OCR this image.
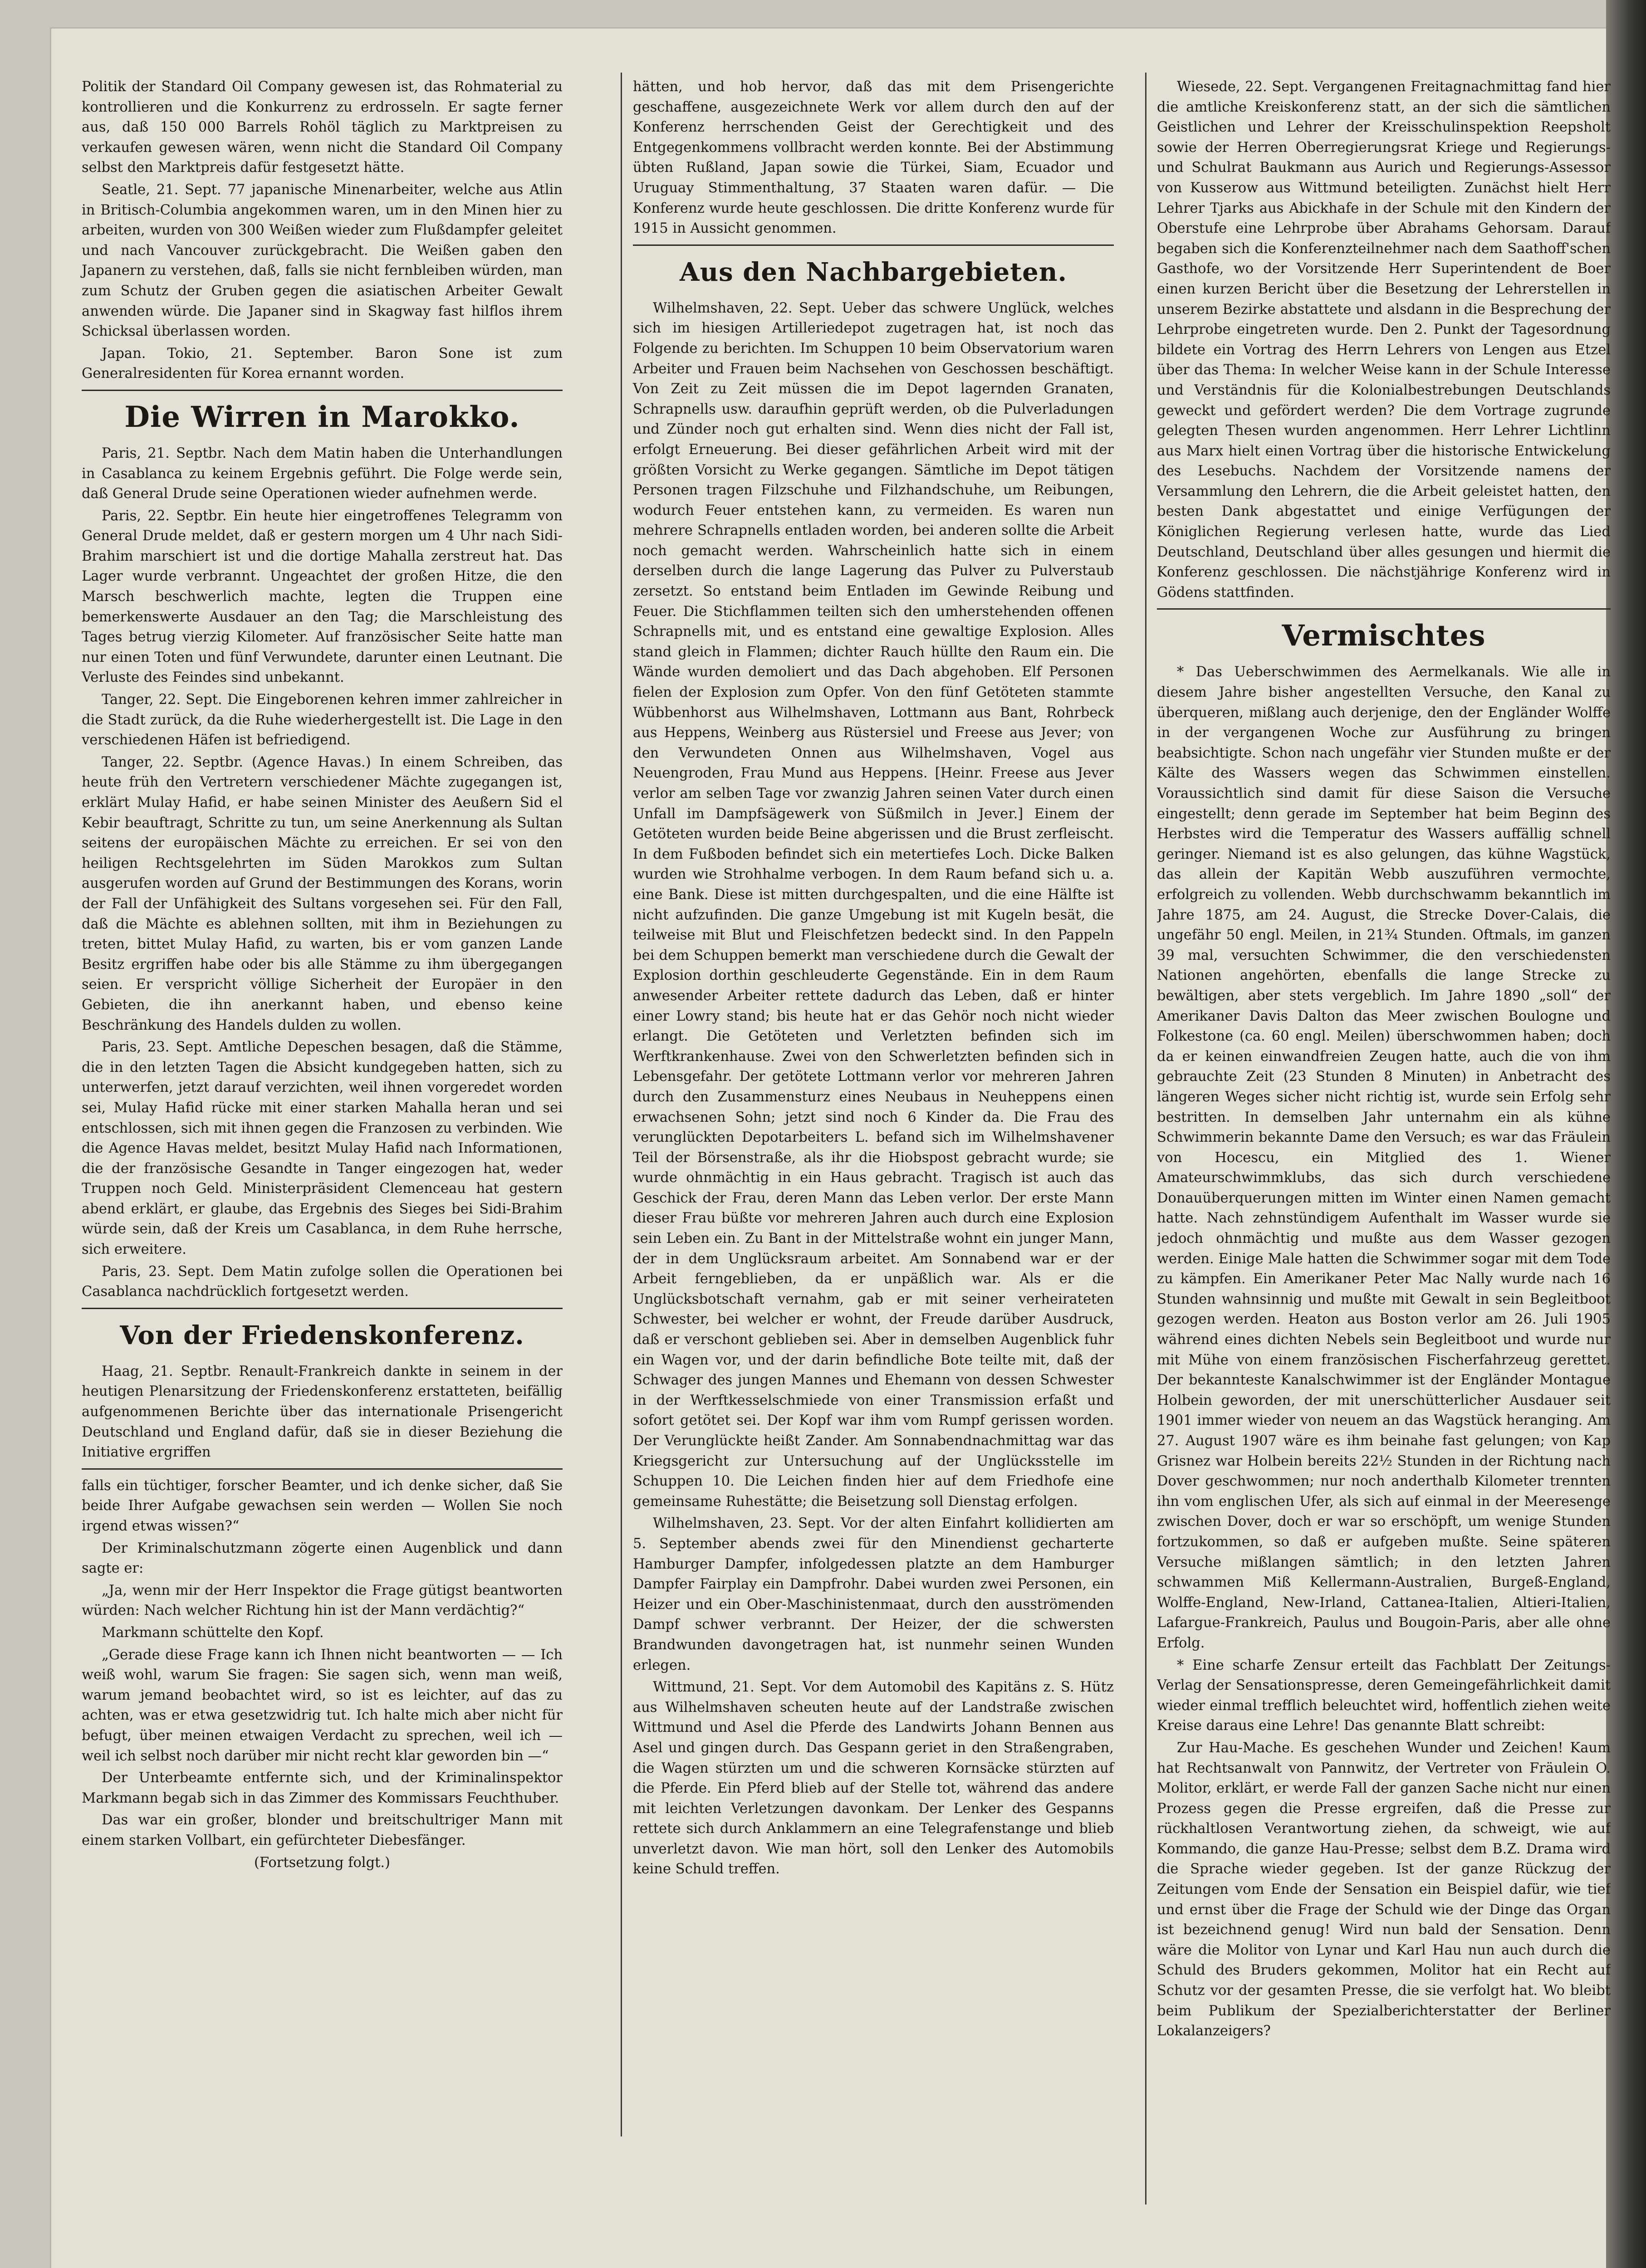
Politik der Standard Oil Company gewesen ist, das Rohmaterial zu kontrollieren und die Konkurrenz zu erdrosseln. Er sagte ferner aus, daß 150 000 Barrels Rohöl täglich zu Marktpreisen zu verkaufen gewesen wären, wenn nicht die Standard Oil Company selbst den Marktpreis dafür festgesetzt hätte.

Seatle, 21. Sept. 77 japanische Minenarbeiter, welche aus Atlin in Britisch-Columbia angekommen waren, um in den Minen hier zu arbeiten, wurden von 300 Weißen wieder zum Flußdampfer geleitet und nach Vancouver zurückgebracht. Die Weißen gaben den Japanern zu verstehen, daß, falls sie nicht fernbleiben würden, man zum Schutz der Gruben gegen die asiatischen Arbeiter Gewalt anwenden würde. Die Japaner sind in Skagway fast hilflos ihrem Schicksal überlassen worden.

Japan. Tokio, 21. September. Baron Sone ist zum Generalresidenten für Korea ernannt worden.

Die Wirren in Marokko.

Paris, 21. Septbr. Nach dem Matin haben die Unterhandlungen in Casablanca zu keinem Ergebnis geführt. Die Folge werde sein, daß General Drude seine Operationen wieder aufnehmen werde.

Paris, 22. Septbr. Ein heute hier eingetroffenes Telegramm von General Drude meldet, daß er gestern morgen um 4 Uhr nach Sidi-Brahim marschiert ist und die dortige Mahalla zerstreut hat. Das Lager wurde verbrannt. Ungeachtet der großen Hitze, die den Marsch beschwerlich machte, legten die Truppen eine bemerkenswerte Ausdauer an den Tag; die Marschleistung des Tages betrug vierzig Kilometer. Auf französischer Seite hatte man nur einen Toten und fünf Verwundete, darunter einen Leutnant. Die Verluste des Feindes sind unbekannt.

Tanger, 22. Sept. Die Eingeborenen kehren immer zahlreicher in die Stadt zurück, da die Ruhe wiederhergestellt ist. Die Lage in den verschiedenen Häfen ist befriedigend.

Tanger, 22. Septbr. (Agence Havas.) In einem Schreiben, das heute früh den Vertretern verschiedener Mächte zugegangen ist, erklärt Mulay Hafid, er habe seinen Minister des Aeußern Sid el Kebir beauftragt, Schritte zu tun, um seine Anerkennung als Sultan seitens der europäischen Mächte zu erreichen. Er sei von den heiligen Rechtsgelehrten im Süden Marokkos zum Sultan ausgerufen worden auf Grund der Bestimmungen des Korans, worin der Fall der Unfähigkeit des Sultans vorgesehen sei. Für den Fall, daß die Mächte es ablehnen sollten, mit ihm in Beziehungen zu treten, bittet Mulay Hafid, zu warten, bis er vom ganzen Lande Besitz ergriffen habe oder bis alle Stämme zu ihm übergegangen seien. Er verspricht völlige Sicherheit der Europäer in den Gebieten, die ihn anerkannt haben, und ebenso keine Beschränkung des Handels dulden zu wollen.

Paris, 23. Sept. Amtliche Depeschen besagen, daß die Stämme, die in den letzten Tagen die Absicht kundgegeben hatten, sich zu unterwerfen, jetzt darauf verzichten, weil ihnen vorgeredet worden sei, Mulay Hafid rücke mit einer starken Mahalla heran und sei entschlossen, sich mit ihnen gegen die Franzosen zu verbinden. Wie die Agence Havas meldet, besitzt Mulay Hafid nach Informationen, die der französische Gesandte in Tanger eingezogen hat, weder Truppen noch Geld. Ministerpräsident Clemenceau hat gestern abend erklärt, er glaube, das Ergebnis des Sieges bei Sidi-Brahim würde sein, daß der Kreis um Casablanca, in dem Ruhe herrsche, sich erweitere.

Paris, 23. Sept. Dem Matin zufolge sollen die Operationen bei Casablanca nachdrücklich fortgesetzt werden.

Von der Friedenskonferenz.

Haag, 21. Septbr. Renault-Frankreich dankte in seinem in der heutigen Plenarsitzung der Friedenskonferenz erstatteten, beifällig aufgenommenen Berichte über das internationale Prisengericht Deutschland und England dafür, daß sie in dieser Beziehung die Initiative ergriffen

falls ein tüchtiger, forscher Beamter, und ich denke sicher, daß Sie beide Ihrer Aufgabe gewachsen sein werden — Wollen Sie noch irgend etwas wissen?“

Der Kriminalschutzmann zögerte einen Augenblick und dann sagte er:

„Ja, wenn mir der Herr Inspektor die Frage gütigst beantworten würden: Nach welcher Richtung hin ist der Mann verdächtig?“

Markmann schüttelte den Kopf.

„Gerade diese Frage kann ich Ihnen nicht beantworten — — Ich weiß wohl, warum Sie fragen: Sie sagen sich, wenn man weiß, warum jemand beobachtet wird, so ist es leichter, auf das zu achten, was er etwa gesetzwidrig tut. Ich halte mich aber nicht für befugt, über meinen etwaigen Verdacht zu sprechen, weil ich — weil ich selbst noch darüber mir nicht recht klar geworden bin —“

Der Unterbeamte entfernte sich, und der Kriminalinspektor Markmann begab sich in das Zimmer des Kommissars Feuchthuber.

Das war ein großer, blonder und breitschultriger Mann mit einem starken Vollbart, ein gefürchteter Diebesfänger.

(Fortsetzung folgt.)

hätten, und hob hervor, daß das mit dem Prisengerichte geschaffene, ausgezeichnete Werk vor allem durch den auf der Konferenz herrschenden Geist der Gerechtigkeit und des Entgegenkommens vollbracht werden konnte. Bei der Abstimmung übten Rußland, Japan sowie die Türkei, Siam, Ecuador und Uruguay Stimmenthaltung, 37 Staaten waren dafür. — Die Konferenz wurde heute geschlossen. Die dritte Konferenz wurde für 1915 in Aussicht genommen.

Aus den Nachbargebieten.

Wilhelmshaven, 22. Sept. Ueber das schwere Unglück, welches sich im hiesigen Artilleriedepot zugetragen hat, ist noch das Folgende zu berichten. Im Schuppen 10 beim Observatorium waren Arbeiter und Frauen beim Nachsehen von Geschossen beschäftigt. Von Zeit zu Zeit müssen die im Depot lagernden Granaten, Schrapnells usw. daraufhin geprüft werden, ob die Pulverladungen und Zünder noch gut erhalten sind. Wenn dies nicht der Fall ist, erfolgt Erneuerung. Bei dieser gefährlichen Arbeit wird mit der größten Vorsicht zu Werke gegangen. Sämtliche im Depot tätigen Personen tragen Filzschuhe und Filzhandschuhe, um Reibungen, wodurch Feuer entstehen kann, zu vermeiden. Es waren nun mehrere Schrapnells entladen worden, bei anderen sollte die Arbeit noch gemacht werden. Wahrscheinlich hatte sich in einem derselben durch die lange Lagerung das Pulver zu Pulverstaub zersetzt. So entstand beim Entladen im Gewinde Reibung und Feuer. Die Stichflammen teilten sich den umherstehenden offenen Schrapnells mit, und es entstand eine gewaltige Explosion. Alles stand gleich in Flammen; dichter Rauch hüllte den Raum ein. Die Wände wurden demoliert und das Dach abgehoben. Elf Personen fielen der Explosion zum Opfer. Von den fünf Getöteten stammte Wübbenhorst aus Wilhelmshaven, Lottmann aus Bant, Rohrbeck aus Heppens, Weinberg aus Rüstersiel und Freese aus Jever; von den Verwundeten Onnen aus Wilhelmshaven, Vogel aus Neuengroden, Frau Mund aus Heppens. [Heinr. Freese aus Jever verlor am selben Tage vor zwanzig Jahren seinen Vater durch einen Unfall im Dampfsägewerk von Süßmilch in Jever.] Einem der Getöteten wurden beide Beine abgerissen und die Brust zerfleischt. In dem Fußboden befindet sich ein metertiefes Loch. Dicke Balken wurden wie Strohhalme verbogen. In dem Raum befand sich u. a. eine Bank. Diese ist mitten durchgespalten, und die eine Hälfte ist nicht aufzufinden. Die ganze Umgebung ist mit Kugeln besät, die teilweise mit Blut und Fleischfetzen bedeckt sind. In den Pappeln bei dem Schuppen bemerkt man verschiedene durch die Gewalt der Explosion dorthin geschleuderte Gegenstände. Ein in dem Raum anwesender Arbeiter rettete dadurch das Leben, daß er hinter einer Lowry stand; bis heute hat er das Gehör noch nicht wieder erlangt. Die Getöteten und Verletzten befinden sich im Werftkrankenhause. Zwei von den Schwerletzten befinden sich in Lebensgefahr. Der getötete Lottmann verlor vor mehreren Jahren durch den Zusammensturz eines Neubaus in Neuheppens einen erwachsenen Sohn; jetzt sind noch 6 Kinder da. Die Frau des verunglückten Depotarbeiters L. befand sich im Wilhelmshavener Teil der Börsenstraße, als ihr die Hiobspost gebracht wurde; sie wurde ohnmächtig in ein Haus gebracht. Tragisch ist auch das Geschick der Frau, deren Mann das Leben verlor. Der erste Mann dieser Frau büßte vor mehreren Jahren auch durch eine Explosion sein Leben ein. Zu Bant in der Mittelstraße wohnt ein junger Mann, der in dem Unglücksraum arbeitet. Am Sonnabend war er der Arbeit ferngeblieben, da er unpäßlich war. Als er die Unglücksbotschaft vernahm, gab er mit seiner verheirateten Schwester, bei welcher er wohnt, der Freude darüber Ausdruck, daß er verschont geblieben sei. Aber in demselben Augenblick fuhr ein Wagen vor, und der darin befindliche Bote teilte mit, daß der Schwager des jungen Mannes und Ehemann von dessen Schwester in der Werftkesselschmiede von einer Transmission erfaßt und sofort getötet sei. Der Kopf war ihm vom Rumpf gerissen worden. Der Verunglückte heißt Zander. Am Sonnabendnachmittag war das Kriegsgericht zur Untersuchung auf der Unglücksstelle im Schuppen 10. Die Leichen finden hier auf dem Friedhofe eine gemeinsame Ruhestätte; die Beisetzung soll Dienstag erfolgen.

Wilhelmshaven, 23. Sept. Vor der alten Einfahrt kollidierten am 5. September abends zwei für den Minendienst gecharterte Hamburger Dampfer, infolgedessen platzte an dem Hamburger Dampfer Fairplay ein Dampfrohr. Dabei wurden zwei Personen, ein Heizer und ein Ober-Maschinistenmaat, durch den ausströmenden Dampf schwer verbrannt. Der Heizer, der die schwersten Brandwunden davongetragen hat, ist nunmehr seinen Wunden erlegen.

Wittmund, 21. Sept. Vor dem Automobil des Kapitäns z. S. Hütz aus Wilhelmshaven scheuten heute auf der Landstraße zwischen Wittmund und Asel die Pferde des Landwirts Johann Bennen aus Asel und gingen durch. Das Gespann geriet in den Straßengraben, die Wagen stürzten um und die schweren Kornsäcke stürzten auf die Pferde. Ein Pferd blieb auf der Stelle tot, während das andere mit leichten Verletzungen davonkam. Der Lenker des Gespanns rettete sich durch Anklammern an eine Telegrafenstange und blieb unverletzt davon. Wie man hört, soll den Lenker des Automobils keine Schuld treffen.

Wiesede, 22. Sept. Vergangenen Freitagnachmittag fand hier die amtliche Kreiskonferenz statt, an der sich die sämtlichen Geistlichen und Lehrer der Kreisschulinspektion Reepsholt sowie der Herren Oberregierungsrat Kriege und Regierungs- und Schulrat Baukmann aus Aurich und Regierungs-Assessor von Kusserow aus Wittmund beteiligten. Zunächst hielt Herr Lehrer Tjarks aus Abickhafe in der Schule mit den Kindern der Oberstufe eine Lehrprobe über Abrahams Gehorsam. Darauf begaben sich die Konferenzteilnehmer nach dem Saathoff'schen Gasthofe, wo der Vorsitzende Herr Superintendent de Boer einen kurzen Bericht über die Besetzung der Lehrerstellen in unserem Bezirke abstattete und alsdann in die Besprechung der Lehrprobe eingetreten wurde. Den 2. Punkt der Tagesordnung bildete ein Vortrag des Herrn Lehrers von Lengen aus Etzel über das Thema: In welcher Weise kann in der Schule Interesse und Verständnis für die Kolonialbestrebungen Deutschlands geweckt und gefördert werden? Die dem Vortrage zugrunde gelegten Thesen wurden angenommen. Herr Lehrer Lichtlinn aus Marx hielt einen Vortrag über die historische Entwickelung des Lesebuchs. Nachdem der Vorsitzende namens der Versammlung den Lehrern, die die Arbeit geleistet hatten, den besten Dank abgestattet und einige Verfügungen der Königlichen Regierung verlesen hatte, wurde das Lied Deutschland, Deutschland über alles gesungen und hiermit die Konferenz geschlossen. Die nächstjährige Konferenz wird in Gödens stattfinden.

Vermischtes

* Das Ueberschwimmen des Aermelkanals. Wie alle in diesem Jahre bisher angestellten Versuche, den Kanal zu überqueren, mißlang auch derjenige, den der Engländer Wolffe in der vergangenen Woche zur Ausführung zu bringen beabsichtigte. Schon nach ungefähr vier Stunden mußte er der Kälte des Wassers wegen das Schwimmen einstellen. Voraussichtlich sind damit für diese Saison die Versuche eingestellt; denn gerade im September hat beim Beginn des Herbstes wird die Temperatur des Wassers auffällig schnell geringer. Niemand ist es also gelungen, das kühne Wagstück, das allein der Kapitän Webb auszuführen vermochte, erfolgreich zu vollenden. Webb durchschwamm bekanntlich im Jahre 1875, am 24. August, die Strecke Dover-Calais, die ungefähr 50 engl. Meilen, in 21¾ Stunden. Oftmals, im ganzen 39 mal, versuchten Schwimmer, die den verschiedensten Nationen angehörten, ebenfalls die lange Strecke zu bewältigen, aber stets vergeblich. Im Jahre 1890 „soll“ der Amerikaner Davis Dalton das Meer zwischen Boulogne und Folkestone (ca. 60 engl. Meilen) überschwommen haben; doch da er keinen einwandfreien Zeugen hatte, auch die von ihm gebrauchte Zeit (23 Stunden 8 Minuten) in Anbetracht des längeren Weges sicher nicht richtig ist, wurde sein Erfolg sehr bestritten. In demselben Jahr unternahm ein als kühne Schwimmerin bekannte Dame den Versuch; es war das Fräulein von Hocescu, ein Mitglied des 1. Wiener Amateurschwimmklubs, das sich durch verschiedene Donauüberquerungen mitten im Winter einen Namen gemacht hatte. Nach zehnstündigem Aufenthalt im Wasser wurde sie jedoch ohnmächtig und mußte aus dem Wasser gezogen werden. Einige Male hatten die Schwimmer sogar mit dem Tode zu kämpfen. Ein Amerikaner Peter Mac Nally wurde nach 16 Stunden wahnsinnig und mußte mit Gewalt in sein Begleitboot gezogen werden. Heaton aus Boston verlor am 26. Juli 1905 während eines dichten Nebels sein Begleitboot und wurde nur mit Mühe von einem französischen Fischerfahrzeug gerettet. Der bekannteste Kanalschwimmer ist der Engländer Montague Holbein geworden, der mit unerschütterlicher Ausdauer seit 1901 immer wieder von neuem an das Wagstück heranging. Am 27. August 1907 wäre es ihm beinahe fast gelungen; von Kap Grisnez war Holbein bereits 22½ Stunden in der Richtung nach Dover geschwommen; nur noch anderthalb Kilometer trennten ihn vom englischen Ufer, als sich auf einmal in der Meeresenge zwischen Dover, doch er war so erschöpft, um wenige Stunden fortzukommen, so daß er aufgeben mußte. Seine späteren Versuche mißlangen sämtlich; in den letzten Jahren schwammen Miß Kellermann-Australien, Burgeß-England, Wolffe-England, New-Irland, Cattanea-Italien, Altieri-Italien, Lafargue-Frankreich, Paulus und Bougoin-Paris, aber alle ohne Erfolg.

* Eine scharfe Zensur erteilt das Fachblatt Der Zeitungs-Verlag der Sensationspresse, deren Gemeingefährlichkeit damit wieder einmal trefflich beleuchtet wird, hoffentlich ziehen weite Kreise daraus eine Lehre! Das genannte Blatt schreibt:

Zur Hau-Mache. Es geschehen Wunder und Zeichen! Kaum hat Rechtsanwalt von Pannwitz, der Vertreter von Fräulein O. Molitor, erklärt, er werde Fall der ganzen Sache nicht nur einen Prozess gegen die Presse ergreifen, daß die Presse zur rückhaltlosen Verantwortung ziehen, da schweigt, wie auf Kommando, die ganze Hau-Presse; selbst dem B.Z. Drama wird die Sprache wieder gegeben. Ist der ganze Rückzug der Zeitungen vom Ende der Sensation ein Beispiel dafür, wie tief und ernst über die Frage der Schuld wie der Dinge das Organ ist bezeichnend genug! Wird nun bald der Sensation. Denn wäre die Molitor von Lynar und Karl Hau nun auch durch die Schuld des Bruders gekommen, Molitor hat ein Recht auf Schutz vor der gesamten Presse, die sie verfolgt hat. Wo bleibt beim Publikum der Spezialberichterstatter der Berliner Lokalanzeigers?
